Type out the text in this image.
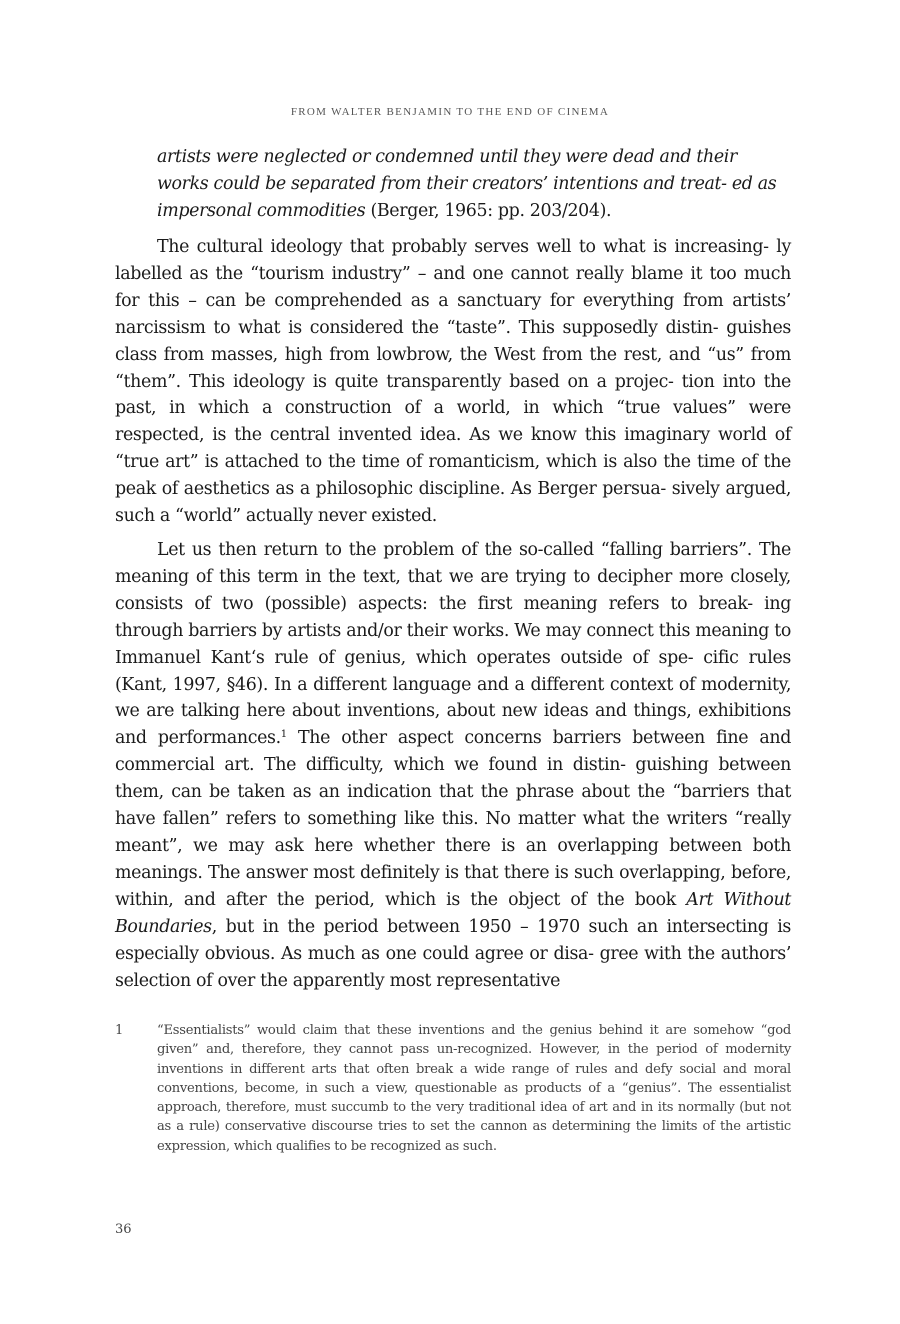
FROM WALTER BENJAMIN TO THE END OF CINEMA
artists were neglected or condemned until they were dead and their works could be separated from their creators’ intentions and treat- ed as impersonal commodities (Berger, 1965: pp. 203/204).

The cultural ideology that probably serves well to what is increasing- ly labelled as the “tourism industry” – and one cannot really blame it too much for this – can be comprehended as a sanctuary for everything from artists’ narcissism to what is considered the “taste”. This supposedly distin- guishes class from masses, high from lowbrow, the West from the rest, and “us” from “them”. This ideology is quite transparently based on a projec- tion into the past, in which a construction of a world, in which “true values” were respected, is the central invented idea. As we know this imaginary world of “true art” is attached to the time of romanticism, which is also the time of the peak of aesthetics as a philosophic discipline. As Berger persua- sively argued, such a “world” actually never existed.

Let us then return to the problem of the so-called “falling barriers”. The meaning of this term in the text, that we are trying to decipher more closely, consists of two (possible) aspects: the first meaning refers to break- ing through barriers by artists and/or their works. We may connect this meaning to Immanuel Kant‘s rule of genius, which operates outside of spe- cific rules (Kant, 1997, §46). In a different language and a different context of modernity, we are talking here about inventions, about new ideas and things, exhibitions and performances.$^1$ The other aspect concerns barriers between fine and commercial art. The difficulty, which we found in distin- guishing between them, can be taken as an indication that the phrase about the “barriers that have fallen” refers to something like this. No matter what the writers “really meant”, we may ask here whether there is an overlapping between both meanings. The answer most definitely is that there is such overlapping, before, within, and after the period, which is the object of the book Art Without Boundaries, but in the period between 1950 – 1970 such an intersecting is especially obvious. As much as one could agree or disa- gree with the authors’ selection of over the apparently most representative

1	“Essentialists” would claim that these inventions and the genius behind it are somehow “god given” and, therefore, they cannot pass un-recognized. However, in the period of modernity inventions in different arts that often break a wide range of rules and defy social and moral conventions, become, in such a view, questionable as products of a “genius”. The essentialist approach, therefore, must succumb to the very traditional idea of art and in its normally (but not as a rule) conservative discourse tries to set the cannon as determining the limits of the artistic expression, which qualifies to be recognized as such.
36
